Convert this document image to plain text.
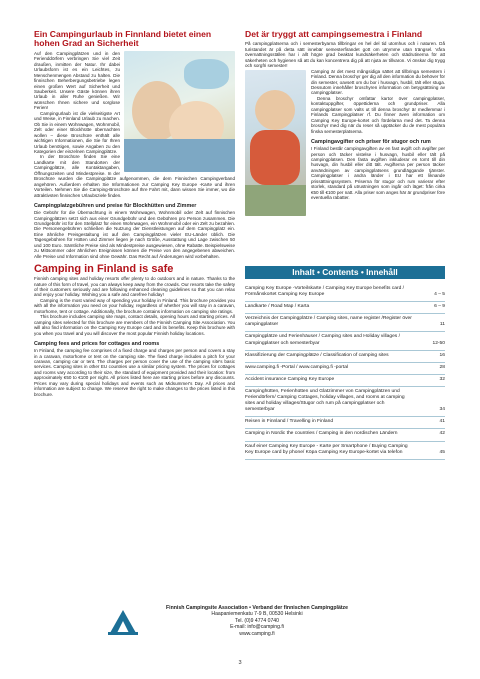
Ein Campingurlaub in Finnland bietet einen hohen Grad an Sicherheit

Auf den Campingplätzen und in den Ferienddörfern verbringen Sie viel Zeit draußen, inmitten der Natur. Ihr dabei Urlaubsform ist es ein Leichtes, zu Menschenmengen Abstand zu halten. Die finnischen Beherbergungsbetriebe legen einen großen Wert auf Sicherheit und Sauberkeit. Unsere Gäste können ihren Urlaub in aller Ruhe genießen. Wir wünschen Ihnen sichere und sorglose Ferien!

Campingurlaub ist die vielseitigste Art und Weise, in Finnland Urlaub zu machen. Ob Sie in einem Wohnwagen, Wohnmobil, Zelt oder einer Blockhütte übernachten wollen – diese Broschüre enthält alle wichtigen Informationen, die Sie für Ihren Urlaub benötigen, sowie Angaben zu den Kategorien der einzelnen Campingplätze.

In der Broschüre finden Sie eine Landkarte mit den Standorten der Campingplätze, alle Kontaktangaben, Öffnungszeiten und Mindestpreise. In der Broschüre wurden die Campingplätze aufgenommen, die dem Finnischen Campingverband angehören. Außerdem erhalten Sie Informationen zur Camping Key Europe -Karte und ihren Vorteilen. Nehmen Sie die Camping-Broschüre auf Ihre Fahrt mit, dann wissen Sie immer, wo die attraktivsten finnischen Urlaubsziele finden.

Campingplatzgebühren und preise für Blockhütten und Zimmer

Die Gebühr für die Übernachtung in einem Wohnwagen, Wohnmobil oder Zelt auf finnischen Campingplätzen setzt sich aus einer Grundgebühr und den Gebühren pro Person zusammen. Die Grundgebühr ist für den Stellplatz für einen Wohnwagen, ein Wohnmobil oder ein Zelt zu bezahlen. Die Personengebühren schließen die Nutzung der Dienstleistungen auf dem Campingplatz ein. Eine ähnliche Preisgestaltung ist auf den Campingplätzen vieler EU-Länder üblich. Die Tagesgebühren für Hütten und Zimmer liegen je nach Größe, Ausstattung und Lage zwischen 50 und 100 Euro. Sämtliche Preise sind als Mindestpreise ausgewiesen, ohne Rabatte. Beispielsweise zu Mittsommer oder ähnlichen Ereignissen können die Preise von den angegebenen abweichen. Alle Preise und Information sind ohne Gewähr. Das Recht auf Änderungen wird vorbehalten.

Camping in Finland is safe

Finnish camping sites and holiday resorts offer plenty to do outdoors and in nature. Thanks to the nature of this form of travel, you can always keep away from the crowds. Our resorts take the safety of their customers seriously and are following enhanced cleaning guidelines so that you can relax and enjoy your holiday. Wishing you a safe and carefree holiday!

Camping is the most varied way of spending your holiday in Finland. This brochure provides you with all the information you need on your holiday, regardless of whether you will stay in a caravan, motorhome, tent or cottage. Additionally, the brochure contains information on camping site ratings.

This brochure includes camping site maps, contact details, opening hours and starting prices. All camping sites selected for this brochure are members of the Finnish Camping Site Association. You will also find information on the Camping Key Europe card and its benefits. Keep this brochure with you when you travel and you will discover the most popular Finnish holiday locations.

Camping fees and prices for cottages and rooms

In Finland, the camping fee comprises of a fixed charge and charges per person and covers a stay in a caravan, motorhome or tent on the camping site. The fixed charge includes a pitch for your caravan, camping car or tent. The charges per person cover the use of the camping site's basic services. Camping sites in other EU countries use a similar pricing system. The prices for cottages and rooms vary according to their size, the standard of equipment provided and their location: from approximately €50 to €100 per night. All prices listed here are starting prices before any discounts. Prices may vary during special holidays and events such as Midsummer's Day. All prices and information are subject to change. We reserve the right to make changes to the prices listed in this brochure.

Det är tryggt att campingsemestra i Finland

På campingplatserna och i semesterbyarna tillbringar en hel del tid utomhus och i naturen. Då turistandet är på detta sätt innebär semesterfirandet gott om utrymme utan trängsel. Våra övernattningsställen har i allt högre grad beaktat kundsäkerheten och städrutinerna för att säkerheten och hygienen så att du kan koncentrera dig på att njuta av tillvaron. Vi önskar dig trygg och sorgfri semester!

Camping är det mest mångsidiga sättet att tillbringa semestern i Finland. Denna broschyr ger dig all den information du behöver för din semester, oavsett om du bor i husvagn, husbil, tält eller stuga. Dessutom innehåller broschyren information om betygsättning av campingplatser.

Denna broschyr omfattar kartor över campingplatser, kontaktuppgifter, öppettiderna och grundpriser. Alla campingplatser som valts ut till denna broschyr är medlemmar i Finlands Campingplatser rf. Du finner även information om Camping Key Europe-kortet och fördelarna med det. Ta denna broschyr med dig när du reser så upptäcker du de mest populära finska semesterplatserna.

Campingavgifter och priser för stugor och rum

I Finland består campingavgiften av en fast avgift och avgifter per person och täcker vistelse i husvagn, husbil eller tält på campingplatsen. Den fasta avgiften inkluderar en tomt till din husvagn, din husbil eller ditt tält. Avgifterna per person täcker användningen av campingplatsens grundläggande tjänster. Campingplatser i andra länder i EU har ett liknande prissättningssystem. Priserna för stugor och rum varierar efter storlek, standard på utrustningen som ingår och läget: från cirka €50 till €100 per natt. Alla priser som anges här är grundpriser före eventuella rabatter.

Inhalt • Contents • Innehåll
Camping Key Europe -Vorteilskarte / Camping Key Europe benefits card / Förmånskortet Camping Key Europe	4 – 5
Landkarte / Road Map / Karta	6 – 9
Verzeichnis der Campingplätze / Camping sites, name register /Register över campingplatser	11
Campingplätze und Ferienhäuser / Camping sites and Holiday villages / Campingplatser och semesterbyar	12-50
Klassifizierung der Campingplätze / Classification of camping sites	16
www.camping.fi -Portal / www.camping.fi -portal	28
Accident insurance Camping Key Europe	32
Campinghütten, Ferienhütten und Glatzimmer von Campingplätzen und Feriendörfern/ Camping Cottages, holiday villages, and rooms at camping sites and holiday villages/Stugor och rum på campingplatser och semesterbyar	34
Reisen in Finnland / Travelling in Finland	41
Camping in Nordic the countries / Camping in den nordischen Ländern	42
Kauf einer Camping Key Europe - Karte per Smartphone / Buying Camping Key Europe card by phone/ Köpa Camping Key Europe-kortet via telefon	45
Finnish Campingsite Association • Verband der finnischen Campingplätze
Haapaniemenkatu 7-9 B, 00530 Helsinki
Tel. (0)9 4774 0740
E-mail: info@camping.fi
www.camping.fi
3
